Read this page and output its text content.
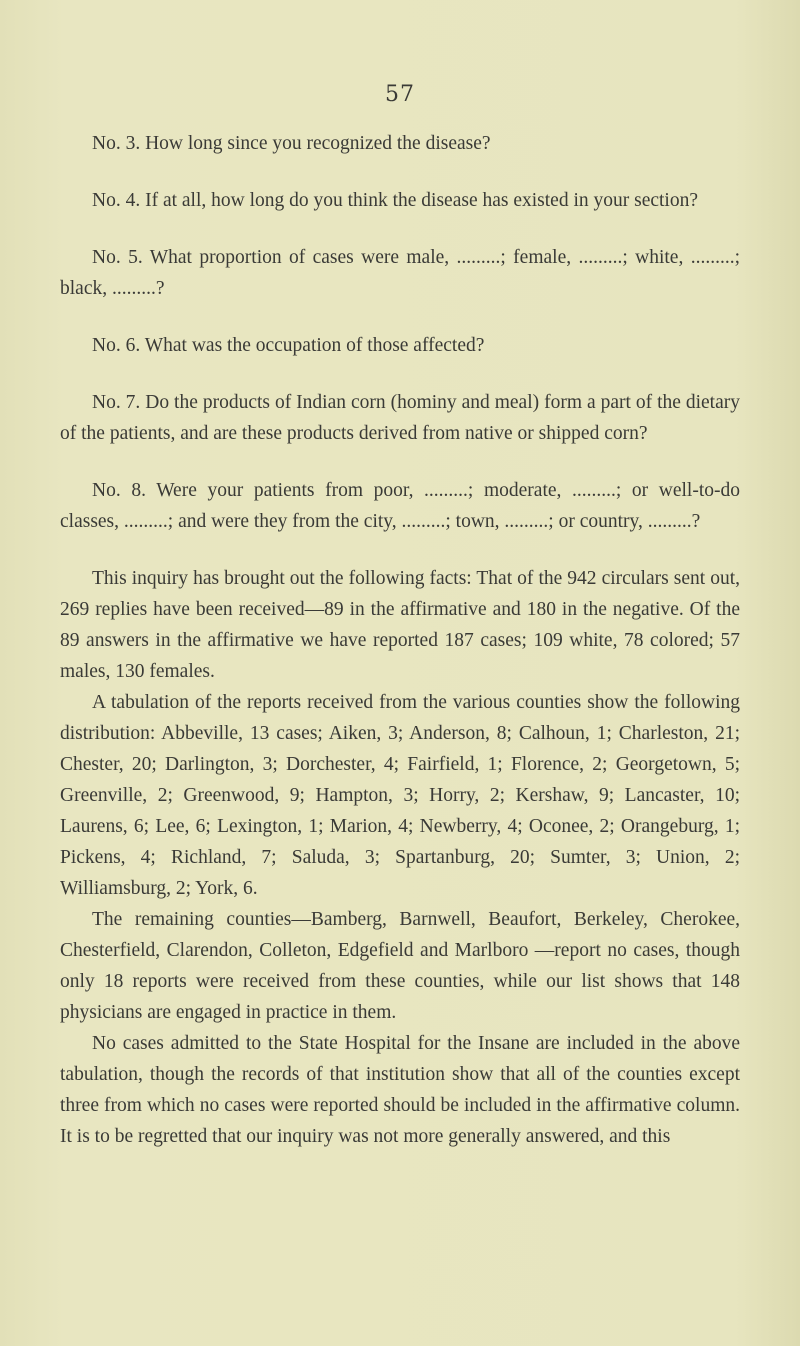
57

No. 3. How long since you recognized the disease?

No. 4. If at all, how long do you think the disease has existed in your section?

No. 5. What proportion of cases were male, .........; female, .........; white, .........; black, .........?

No. 6. What was the occupation of those affected?

No. 7. Do the products of Indian corn (hominy and meal) form a part of the dietary of the patients, and are these products derived from native or shipped corn?

No. 8. Were your patients from poor, .........; moderate, .........; or well-to-do classes, .........; and were they from the city, .........; town, .........; or country, .........?

This inquiry has brought out the following facts: That of the 942 circulars sent out, 269 replies have been received—89 in the affirmative and 180 in the negative. Of the 89 answers in the affirmative we have reported 187 cases; 109 white, 78 colored; 57 males, 130 females.

A tabulation of the reports received from the various counties show the following distribution: Abbeville, 13 cases; Aiken, 3; Anderson, 8; Calhoun, 1; Charleston, 21; Chester, 20; Darlington, 3; Dorchester, 4; Fairfield, 1; Florence, 2; Georgetown, 5; Greenville, 2; Greenwood, 9; Hampton, 3; Horry, 2; Kershaw, 9; Lancaster, 10; Laurens, 6; Lee, 6; Lexington, 1; Marion, 4; Newberry, 4; Oconee, 2; Orangeburg, 1; Pickens, 4; Richland, 7; Saluda, 3; Spartanburg, 20; Sumter, 3; Union, 2; Williamsburg, 2; York, 6.

The remaining counties—Bamberg, Barnwell, Beaufort, Berkeley, Cherokee, Chesterfield, Clarendon, Colleton, Edgefield and Marlboro —report no cases, though only 18 reports were received from these counties, while our list shows that 148 physicians are engaged in practice in them.

No cases admitted to the State Hospital for the Insane are included in the above tabulation, though the records of that institution show that all of the counties except three from which no cases were reported should be included in the affirmative column. It is to be regretted that our inquiry was not more generally answered, and this
